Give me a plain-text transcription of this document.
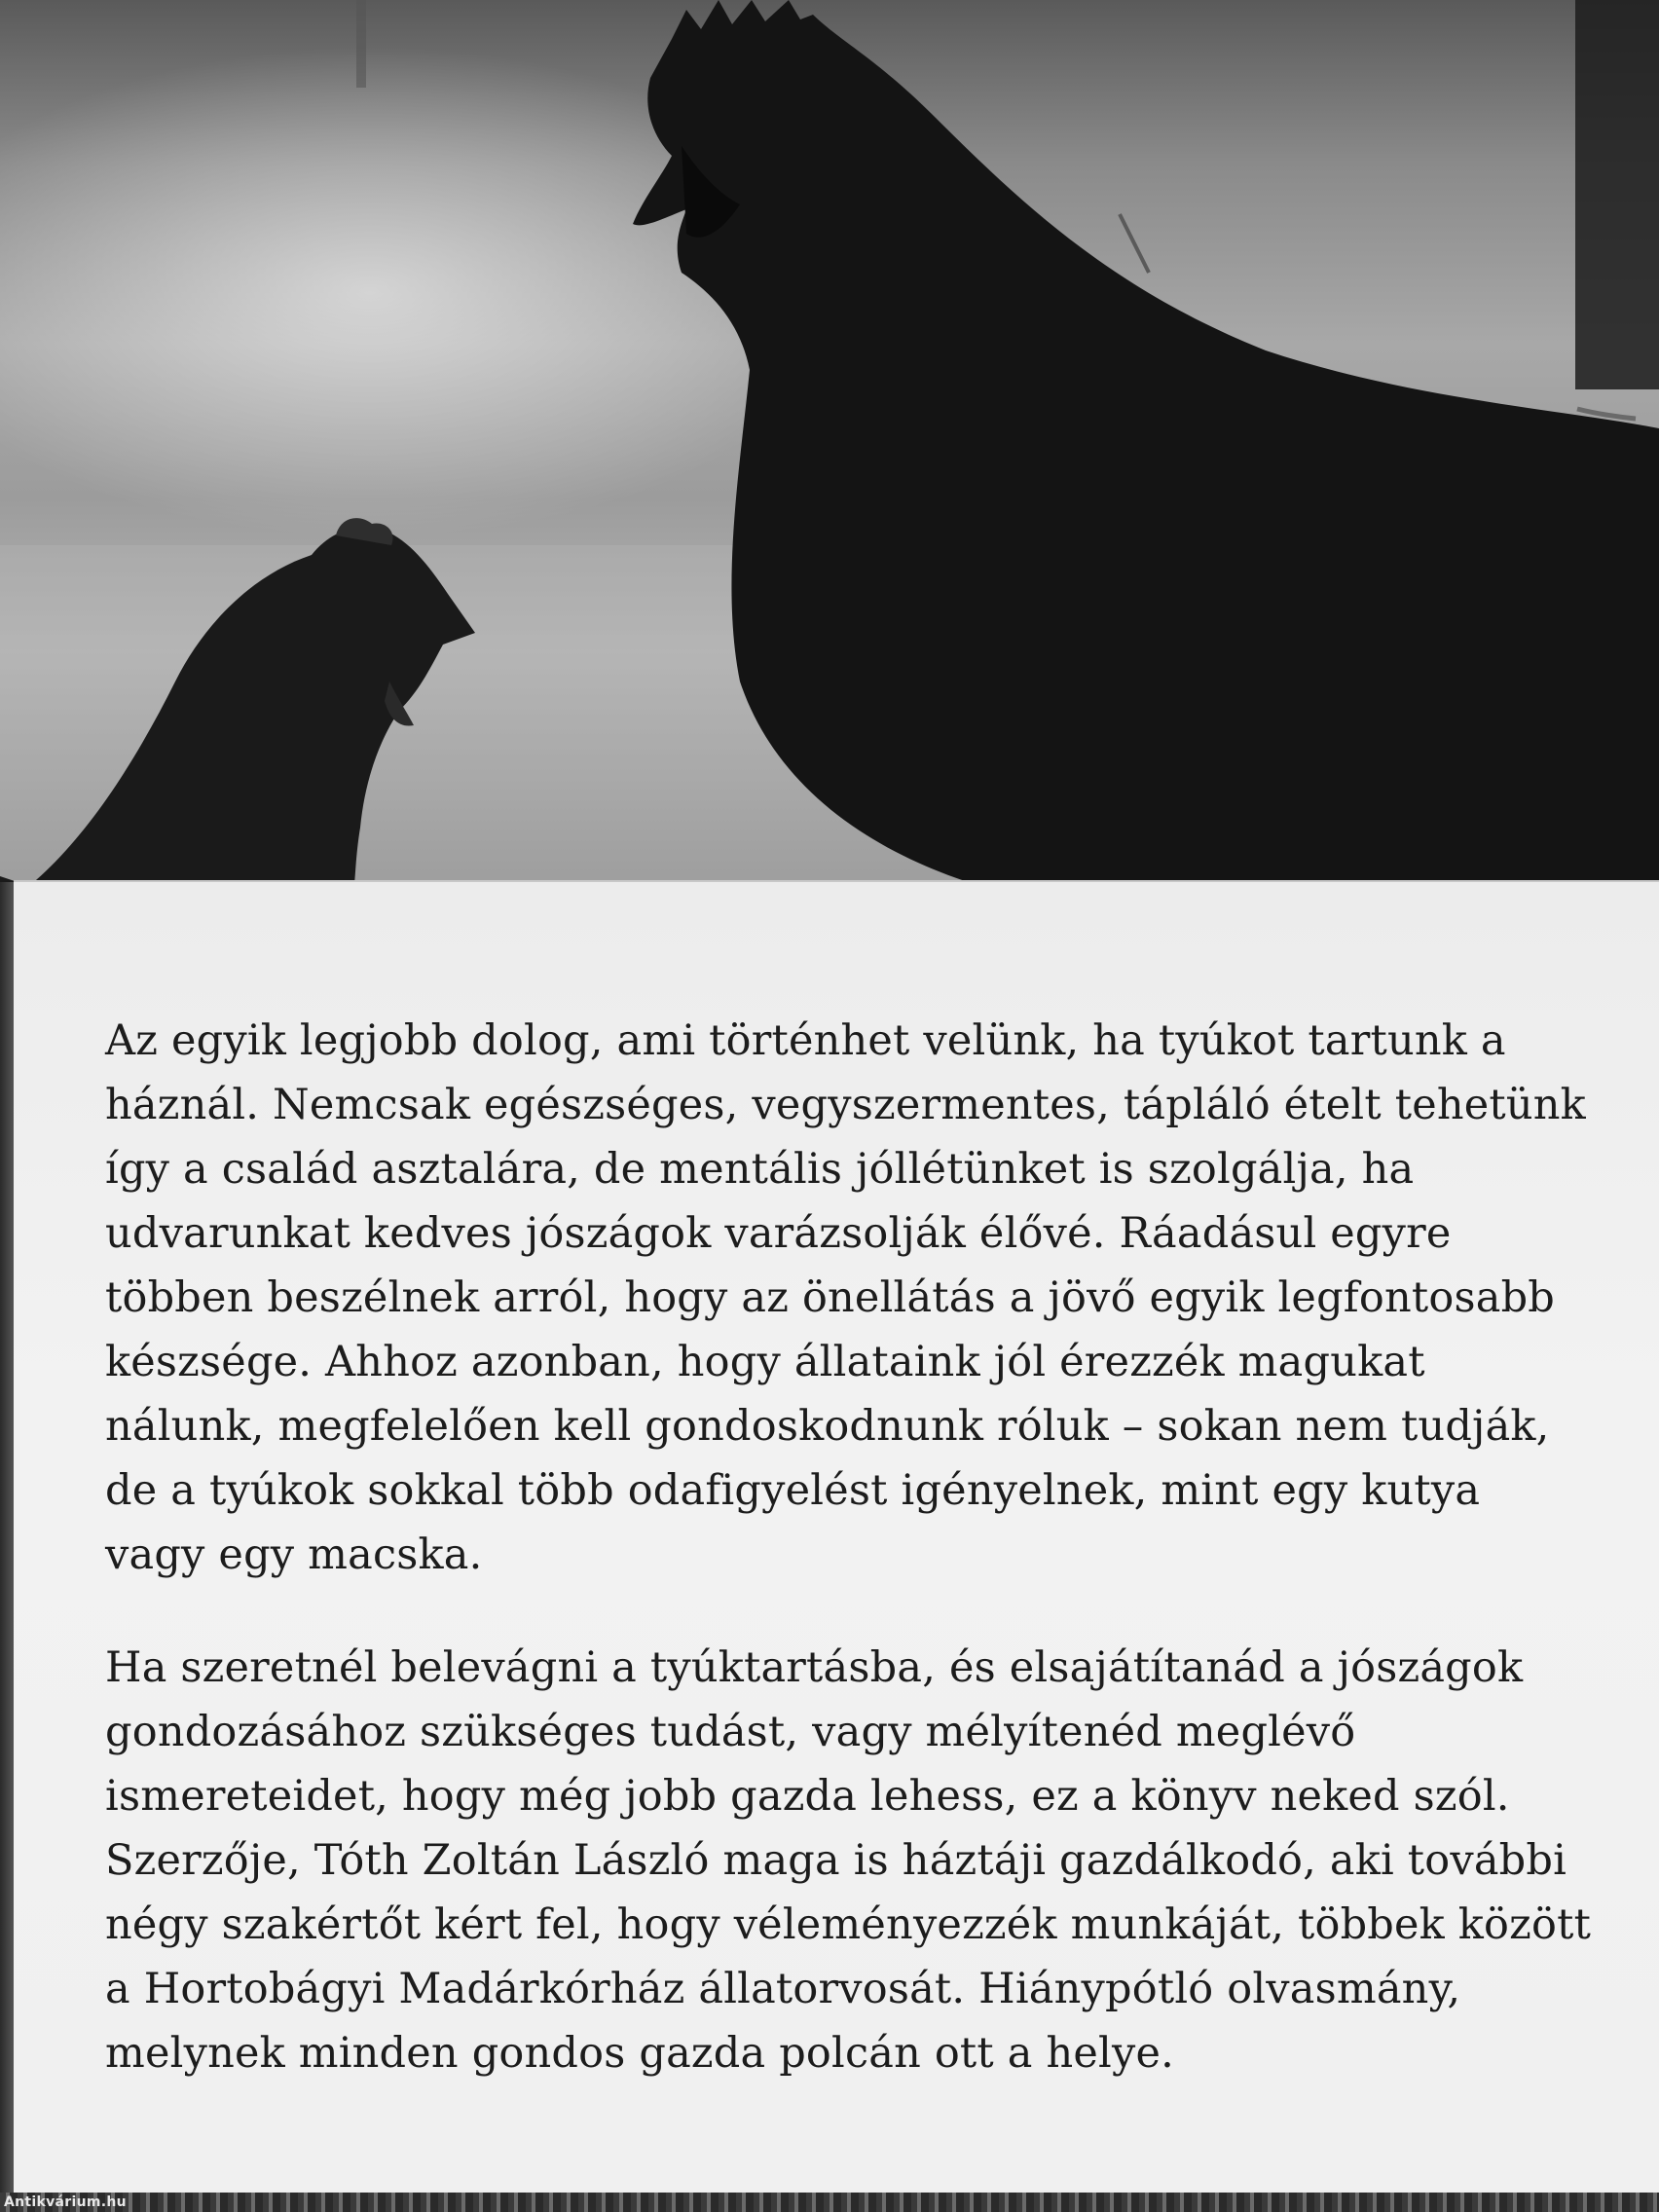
Az egyik legjobb dolog, ami történhet velünk, ha tyúkot tartunk a
háznál. Nemcsak egészséges, vegyszermentes, tápláló ételt tehetünk
így a család asztalára, de mentális jóllétünket is szolgálja, ha
udvarunkat kedves jószágok varázsolják élővé. Ráadásul egyre
többen beszélnek arról, hogy az önellátás a jövő egyik legfontosabb
készsége. Ahhoz azonban, hogy állataink jól érezzék magukat
nálunk, megfelelően kell gondoskodnunk róluk – sokan nem tudják,
de a tyúkok sokkal több odafigyelést igényelnek, mint egy kutya
vagy egy macska.

Ha szeretnél belevágni a tyúktartásba, és elsajátítanád a jószágok
gondozásához szükséges tudást, vagy mélyítenéd meglévő
ismereteidet, hogy még jobb gazda lehess, ez a könyv neked szól.
Szerzője, Tóth Zoltán László maga is háztáji gazdálkodó, aki további
négy szakértőt kért fel, hogy véleményezzék munkáját, többek között
a Hortobágyi Madárkórház állatorvosát. Hiánypótló olvasmány,
melynek minden gondos gazda polcán ott a helye.

Antikvárium.hu
